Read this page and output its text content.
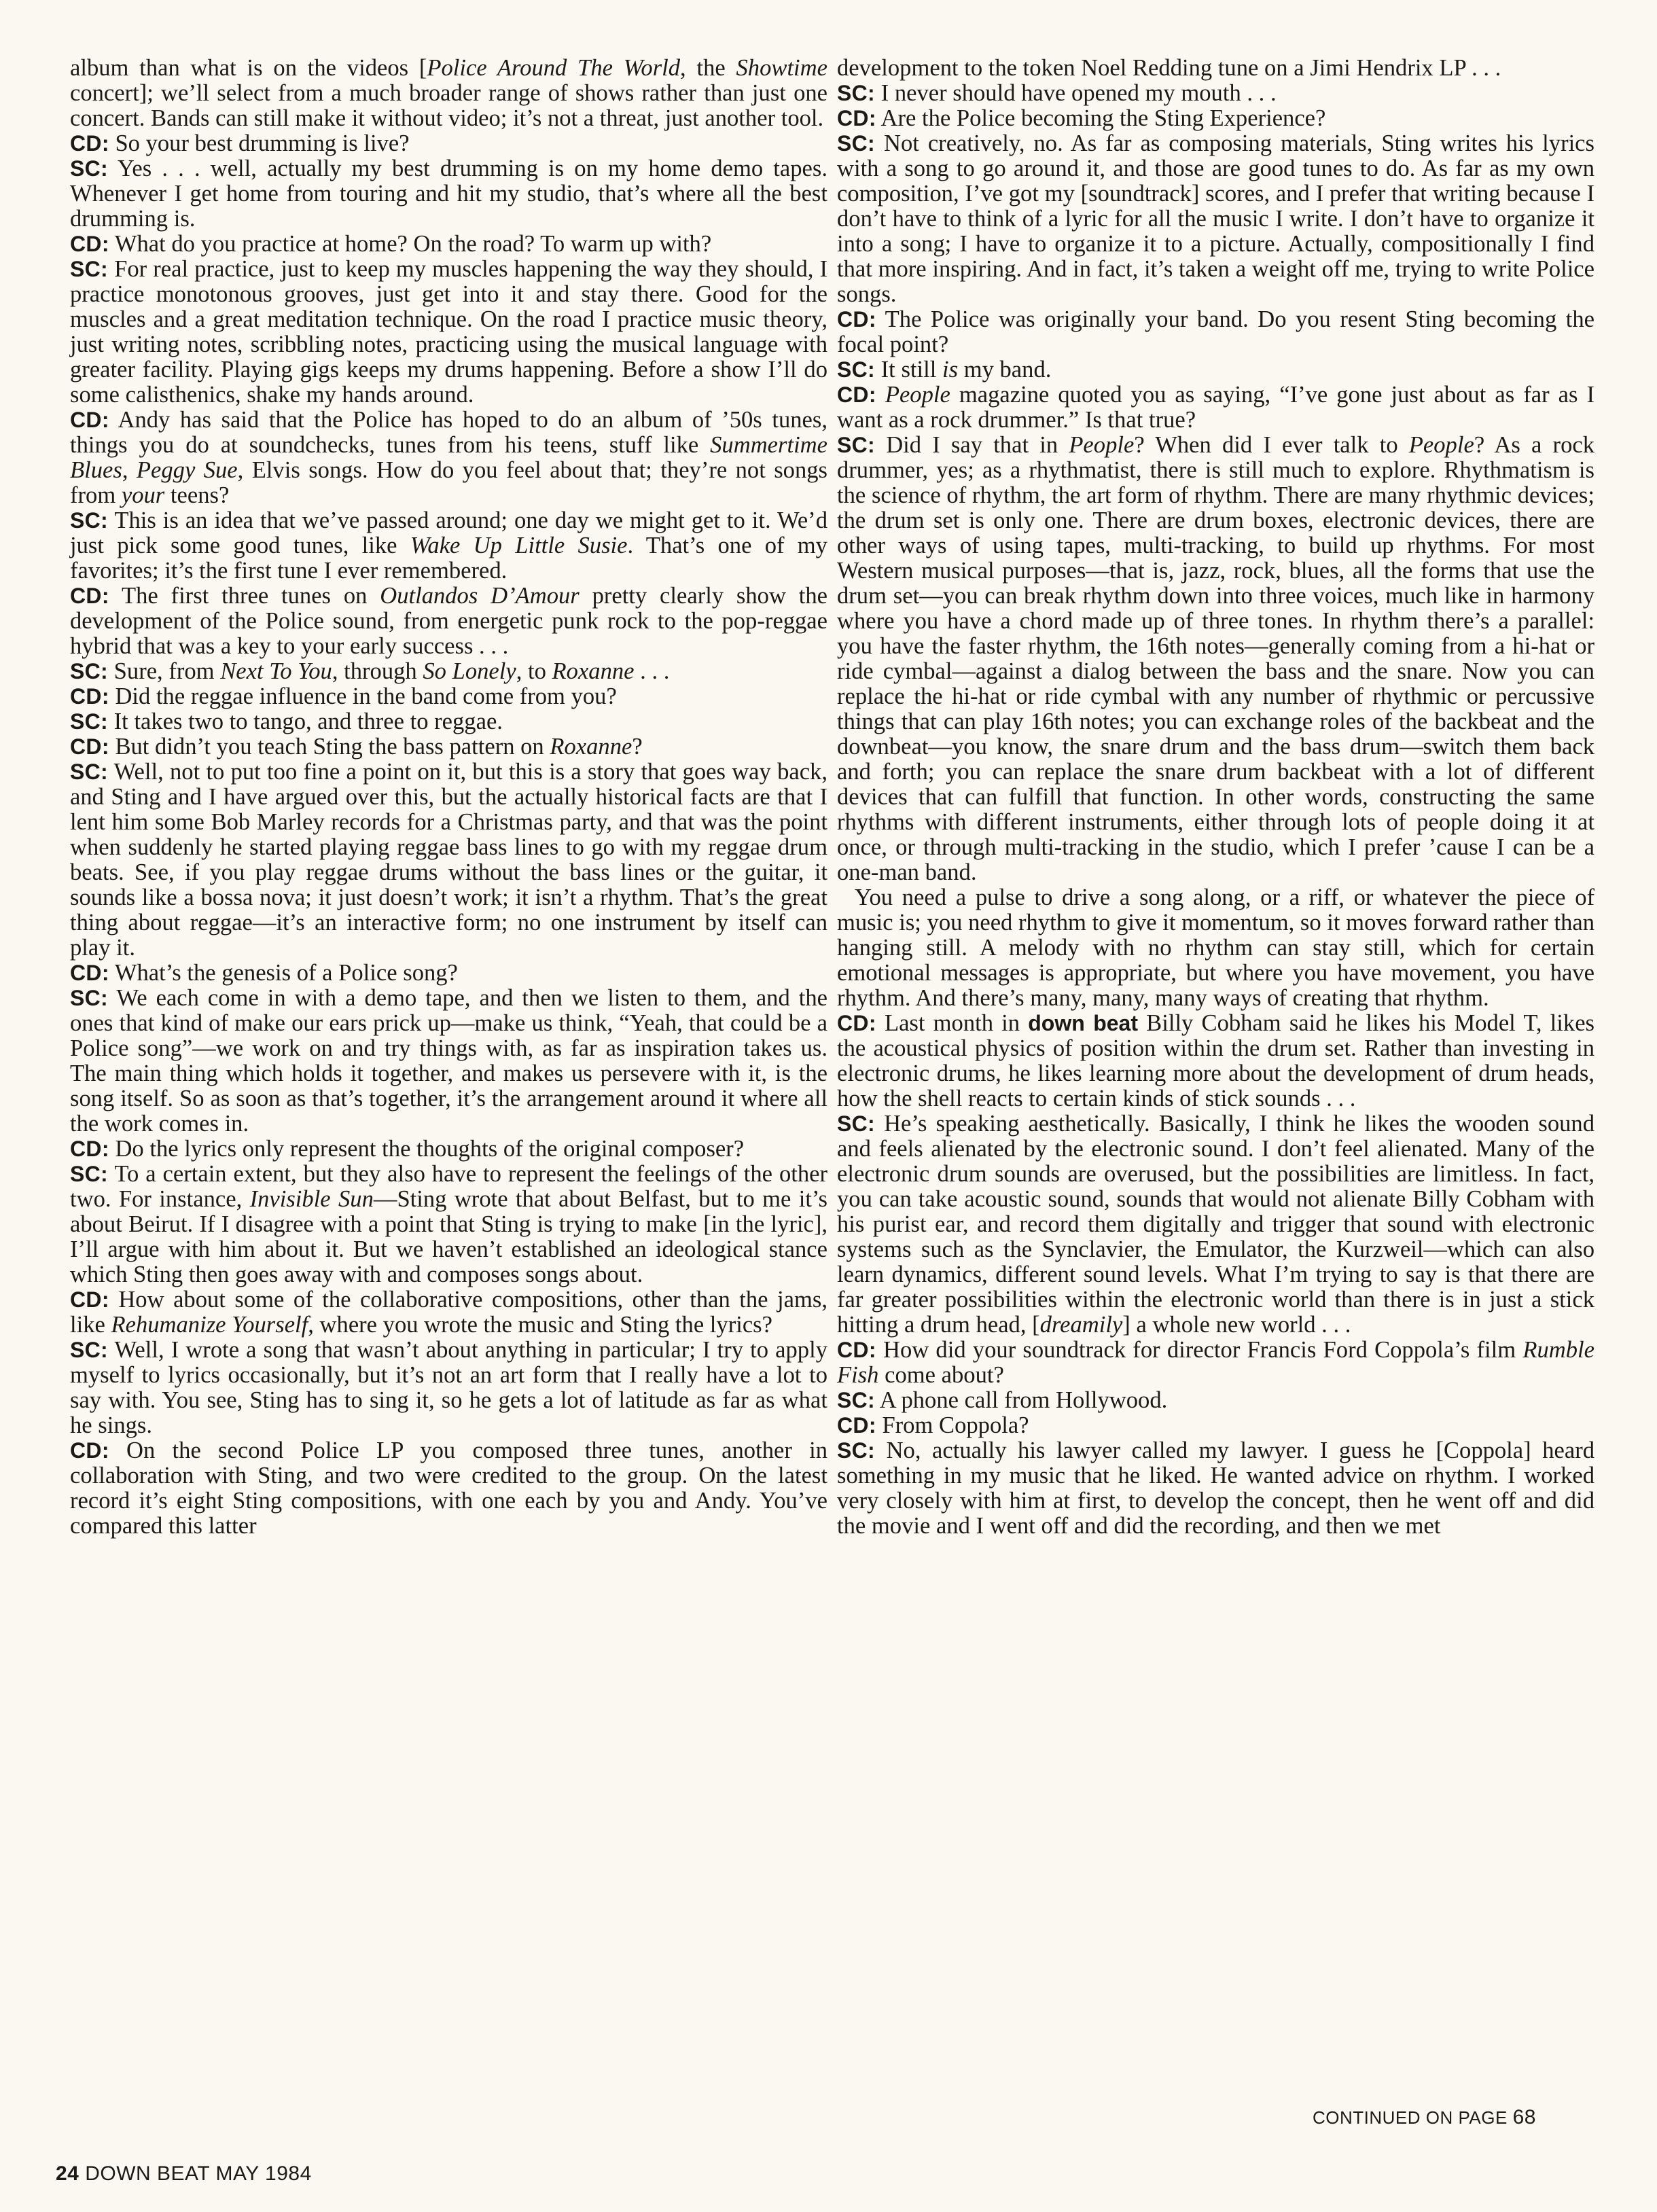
album than what is on the videos [Police Around The World, the Showtime concert]; we’ll select from a much broader range of shows rather than just one concert. Bands can still make it without video; it’s not a threat, just another tool.

CD: So your best drumming is live?

SC: Yes . . . well, actually my best drumming is on my home demo tapes. Whenever I get home from touring and hit my studio, that’s where all the best drumming is.

CD: What do you practice at home? On the road? To warm up with?

SC: For real practice, just to keep my muscles happening the way they should, I practice monotonous grooves, just get into it and stay there. Good for the muscles and a great meditation technique. On the road I practice music theory, just writing notes, scribbling notes, practicing using the musical language with greater facility. Playing gigs keeps my drums happening. Before a show I’ll do some calisthenics, shake my hands around.

CD: Andy has said that the Police has hoped to do an album of ’50s tunes, things you do at soundchecks, tunes from his teens, stuff like Summertime Blues, Peggy Sue, Elvis songs. How do you feel about that; they’re not songs from your teens?

SC: This is an idea that we’ve passed around; one day we might get to it. We’d just pick some good tunes, like Wake Up Little Susie. That’s one of my favorites; it’s the first tune I ever remembered.

CD: The first three tunes on Outlandos D’Amour pretty clearly show the development of the Police sound, from energetic punk rock to the pop-reggae hybrid that was a key to your early success . . .

SC: Sure, from Next To You, through So Lonely, to Roxanne . . .

CD: Did the reggae influence in the band come from you?

SC: It takes two to tango, and three to reggae.

CD: But didn’t you teach Sting the bass pattern on Roxanne?

SC: Well, not to put too fine a point on it, but this is a story that goes way back, and Sting and I have argued over this, but the actually historical facts are that I lent him some Bob Marley records for a Christmas party, and that was the point when suddenly he started playing reggae bass lines to go with my reggae drum beats. See, if you play reggae drums without the bass lines or the guitar, it sounds like a bossa nova; it just doesn’t work; it isn’t a rhythm. That’s the great thing about reggae—it’s an interactive form; no one instrument by itself can play it.

CD: What’s the genesis of a Police song?

SC: We each come in with a demo tape, and then we listen to them, and the ones that kind of make our ears prick up—make us think, “Yeah, that could be a Police song”—we work on and try things with, as far as inspiration takes us. The main thing which holds it together, and makes us persevere with it, is the song itself. So as soon as that’s together, it’s the arrangement around it where all the work comes in.

CD: Do the lyrics only represent the thoughts of the original composer?

SC: To a certain extent, but they also have to represent the feelings of the other two. For instance, Invisible Sun—Sting wrote that about Belfast, but to me it’s about Beirut. If I disagree with a point that Sting is trying to make [in the lyric], I’ll argue with him about it. But we haven’t established an ideological stance which Sting then goes away with and composes songs about.

CD: How about some of the collaborative compositions, other than the jams, like Rehumanize Yourself, where you wrote the music and Sting the lyrics?

SC: Well, I wrote a song that wasn’t about anything in particular; I try to apply myself to lyrics occasionally, but it’s not an art form that I really have a lot to say with. You see, Sting has to sing it, so he gets a lot of latitude as far as what he sings.

CD: On the second Police LP you composed three tunes, another in collaboration with Sting, and two were credited to the group. On the latest record it’s eight Sting compositions, with one each by you and Andy. You’ve compared this latter

development to the token Noel Redding tune on a Jimi Hendrix LP . . .

SC: I never should have opened my mouth . . .

CD: Are the Police becoming the Sting Experience?

SC: Not creatively, no. As far as composing materials, Sting writes his lyrics with a song to go around it, and those are good tunes to do. As far as my own composition, I’ve got my [soundtrack] scores, and I prefer that writing because I don’t have to think of a lyric for all the music I write. I don’t have to organize it into a song; I have to organize it to a picture. Actually, compositionally I find that more inspiring. And in fact, it’s taken a weight off me, trying to write Police songs.

CD: The Police was originally your band. Do you resent Sting becoming the focal point?

SC: It still is my band.

CD: People magazine quoted you as saying, “I’ve gone just about as far as I want as a rock drummer.” Is that true?

SC: Did I say that in People? When did I ever talk to People? As a rock drummer, yes; as a rhythmatist, there is still much to explore. Rhythmatism is the science of rhythm, the art form of rhythm. There are many rhythmic devices; the drum set is only one. There are drum boxes, electronic devices, there are other ways of using tapes, multi-tracking, to build up rhythms. For most Western musical purposes—that is, jazz, rock, blues, all the forms that use the drum set—you can break rhythm down into three voices, much like in harmony where you have a chord made up of three tones. In rhythm there’s a parallel: you have the faster rhythm, the 16th notes—generally coming from a hi-hat or ride cymbal—against a dialog between the bass and the snare. Now you can replace the hi-hat or ride cymbal with any number of rhythmic or percussive things that can play 16th notes; you can exchange roles of the backbeat and the downbeat—you know, the snare drum and the bass drum—switch them back and forth; you can replace the snare drum backbeat with a lot of different devices that can fulfill that function. In other words, constructing the same rhythms with different instruments, either through lots of people doing it at once, or through multi-tracking in the studio, which I prefer ’cause I can be a one-man band.

You need a pulse to drive a song along, or a riff, or whatever the piece of music is; you need rhythm to give it momentum, so it moves forward rather than hanging still. A melody with no rhythm can stay still, which for certain emotional messages is appropriate, but where you have movement, you have rhythm. And there’s many, many, many ways of creating that rhythm.

CD: Last month in down beat Billy Cobham said he likes his Model T, likes the acoustical physics of position within the drum set. Rather than investing in electronic drums, he likes learning more about the development of drum heads, how the shell reacts to certain kinds of stick sounds . . .

SC: He’s speaking aesthetically. Basically, I think he likes the wooden sound and feels alienated by the electronic sound. I don’t feel alienated. Many of the electronic drum sounds are overused, but the possibilities are limitless. In fact, you can take acoustic sound, sounds that would not alienate Billy Cobham with his purist ear, and record them digitally and trigger that sound with electronic systems such as the Synclavier, the Emulator, the Kurzweil—which can also learn dynamics, different sound levels. What I’m trying to say is that there are far greater possibilities within the electronic world than there is in just a stick hitting a drum head, [dreamily] a whole new world . . .

CD: How did your soundtrack for director Francis Ford Coppola’s film Rumble Fish come about?

SC: A phone call from Hollywood.

CD: From Coppola?

SC: No, actually his lawyer called my lawyer. I guess he [Coppola] heard something in my music that he liked. He wanted advice on rhythm. I worked very closely with him at first, to develop the concept, then he went off and did the movie and I went off and did the recording, and then we met

CONTINUED ON PAGE 68
24 DOWN BEAT MAY 1984
